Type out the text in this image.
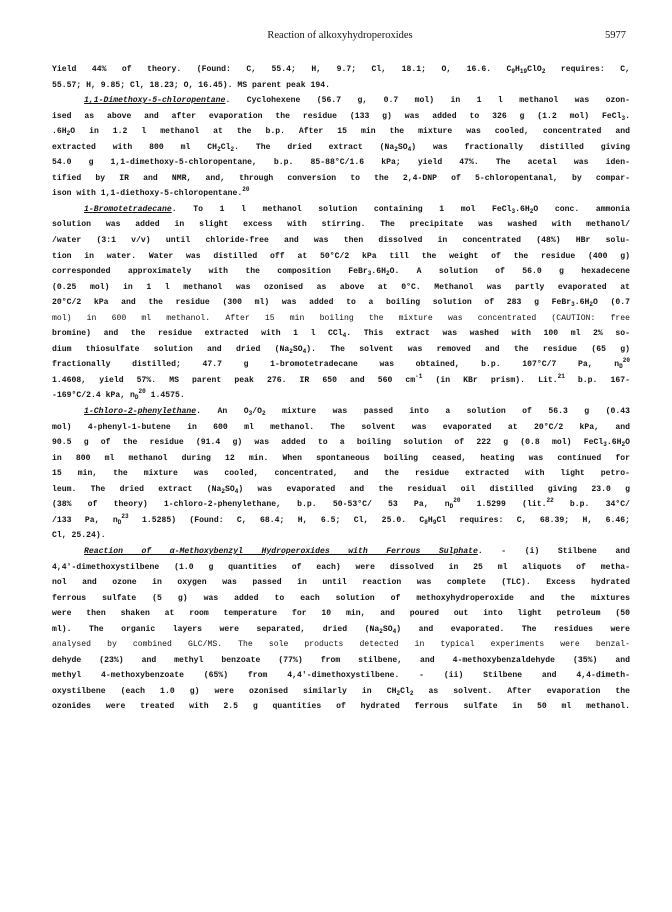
Reaction of alkoxyhydroperoxides	5977
Yield 44% of theory. (Found: C, 55.4; H, 9.7; Cl, 18.1; O, 16.6. $C_9H_{19}ClO_2$ requires: C,
55.57; H, 9.85; Cl, 18.23; O, 16.45). MS parent peak 194.
1,1-Dimethoxy-5-chloropentane. Cyclohexene (56.7 g, 0.7 mol) in 1 l methanol was ozon-
ised as above and after evaporation the residue (133 g) was added to 326 g (1.2 mol) FeCl$_3$.
$.6H_2O$ in 1.2 l methanol at the b.p. After 15 min the mixture was cooled, concentrated and
extracted with 800 ml $CH_2Cl_2$. The dried extract $(Na_2SO_4)$ was fractionally distilled giving
54.0 g 1,1-dimethoxy-5-chloropentane, b.p. 85-88°C/1.6 kPa; yield 47%. The acetal was iden-
tified by IR and NMR, and, through conversion to the 2,4-DNP of 5-chloropentanal, by compar-
ison with 1,1-diethoxy-5-chloropentane.$^{20}$
1-Bromotetradecane. To 1 l methanol solution containing 1 mol $FeCl_3.6H_2O$ conc. ammonia
solution was added in slight excess with stirring. The precipitate was washed with methanol/
/water (3:1 v/v) until chloride-free and was then dissolved in concentrated (48%) HBr solu-
tion in water. Water was distilled off at 50°C/2 kPa till the weight of the residue (400 g)
corresponded approximately with the composition $FeBr_3.6H_2O$. A solution of 56.0 g hexadecene
(0.25 mol) in 1 l methanol was ozonised as above at 0°C. Methanol was partly evaporated at
20°C/2 kPa and the residue (300 ml) was added to a boiling solution of 283 g $FeBr_3.6H_2O$ (0.7
mol) in 600 ml methanol. After 15 min boiling the mixture was concentrated (CAUTION: free
bromine) and the residue extracted with 1 l CCl$_4$. This extract was washed with 100 ml 2% so-
dium thiosulfate solution and dried $(Na_2SO_4)$. The solvent was removed and the residue (65 g)
fractionally distilled; 47.7 g 1-bromotetradecane was obtained, b.p. 107°C/7 Pa, $n_D^{20}$
1.4608, yield 57%. MS parent peak 276. IR 650 and 560 $cm^{-1}$ (in KBr prism). Lit.$^{21}$ b.p. 167-
-169°C/2.4 kPa, $n_D^{20}$ 1.4575.
1-Chloro-2-phenylethane. An $O_3/O_2$ mixture was passed into a solution of 56.3 g (0.43
mol) 4-phenyl-1-butene in 600 ml methanol. The solvent was evaporated at 20°C/2 kPa, and
90.5 g of the residue (91.4 g) was added to a boiling solution of 222 g (0.8 mol) $FeCl_3.6H_2O$
in 800 ml methanol during 12 min. When spontaneous boiling ceased, heating was continued for
15 min, the mixture was cooled, concentrated, and the residue extracted with light petro-
leum. The dried extract $(Na_2SO_4)$ was evaporated and the residual oil distilled giving 23.0 g
(38% of theory) 1-chloro-2-phenylethane, b.p. 50-53°C/ 53 Pa, $n_D^{20}$ 1.5299 (lit.$^{22}$ b.p. 34°C/
/133 Pa, $n_D^{23}$ 1.5285) (Found: C, 68.4; H, 6.5; Cl, 25.0. $C_8H_9Cl$ requires: C, 68.39; H, 6.46;
Cl, 25.24).
Reaction of α-Methoxybenzyl Hydroperoxides with Ferrous Sulphate. - (i) Stilbene and
4,4'-dimethoxystilbene (1.0 g quantities of each) were dissolved in 25 ml aliquots of metha-
nol and ozone in oxygen was passed in until reaction was complete (TLC). Excess hydrated
ferrous sulfate (5 g) was added to each solution of methoxyhydroperoxide and the mixtures
were then shaken at room temperature for 10 min, and poured out into light petroleum (50
ml). The organic layers were separated, dried $(Na_2SO_4)$ and evaporated. The residues were
analysed by combined GLC/MS. The sole products detected in typical experiments were benzal-
dehyde (23%) and methyl benzoate (77%) from stilbene, and 4-methoxybenzaldehyde (35%) and
methyl 4-methoxybenzoate (65%) from 4,4'-dimethoxystilbene. - (ii) Stilbene and 4,4-dimeth-
oxystilbene (each 1.0 g) were ozonised similarly in $CH_2Cl_2$ as solvent. After evaporation the
ozonides were treated with 2.5 g quantities of hydrated ferrous sulfate in 50 ml methanol.
